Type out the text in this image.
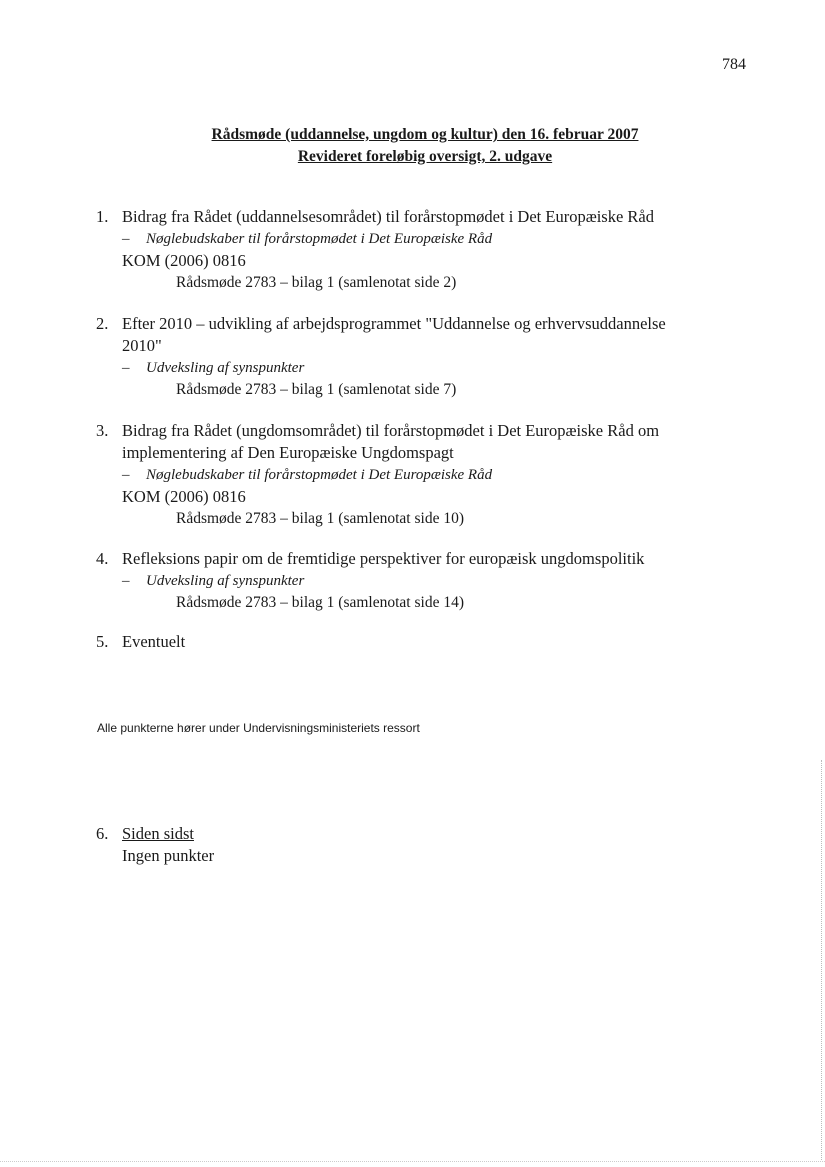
784
Rådsmøde (uddannelse, ungdom og kultur) den 16. februar 2007
Revideret foreløbig oversigt, 2. udgave
1. Bidrag fra Rådet (uddannelsesområdet) til forårstopmødet i Det Europæiske Råd
– Nøglebudskaber til forårstopmødet i Det Europæiske Råd
KOM (2006) 0816
Rådsmøde 2783 – bilag 1 (samlenotat side 2)
2. Efter 2010 – udvikling af arbejdsprogrammet "Uddannelse og erhvervsuddannelse
2010"
– Udveksling af synspunkter
Rådsmøde 2783 – bilag 1 (samlenotat side 7)
3. Bidrag fra Rådet (ungdomsområdet) til forårstopmødet i Det Europæiske Råd om
implementering af Den Europæiske Ungdomspagt
– Nøglebudskaber til forårstopmødet i Det Europæiske Råd
KOM (2006) 0816
Rådsmøde 2783 – bilag 1 (samlenotat side 10)
4. Refleksions papir om de fremtidige perspektiver for europæisk ungdomspolitik
– Udveksling af synspunkter
Rådsmøde 2783 – bilag 1 (samlenotat side 14)
5. Eventuelt
Alle punkterne hører under Undervisningsministeriets ressort
6. Siden sidst
Ingen punkter
